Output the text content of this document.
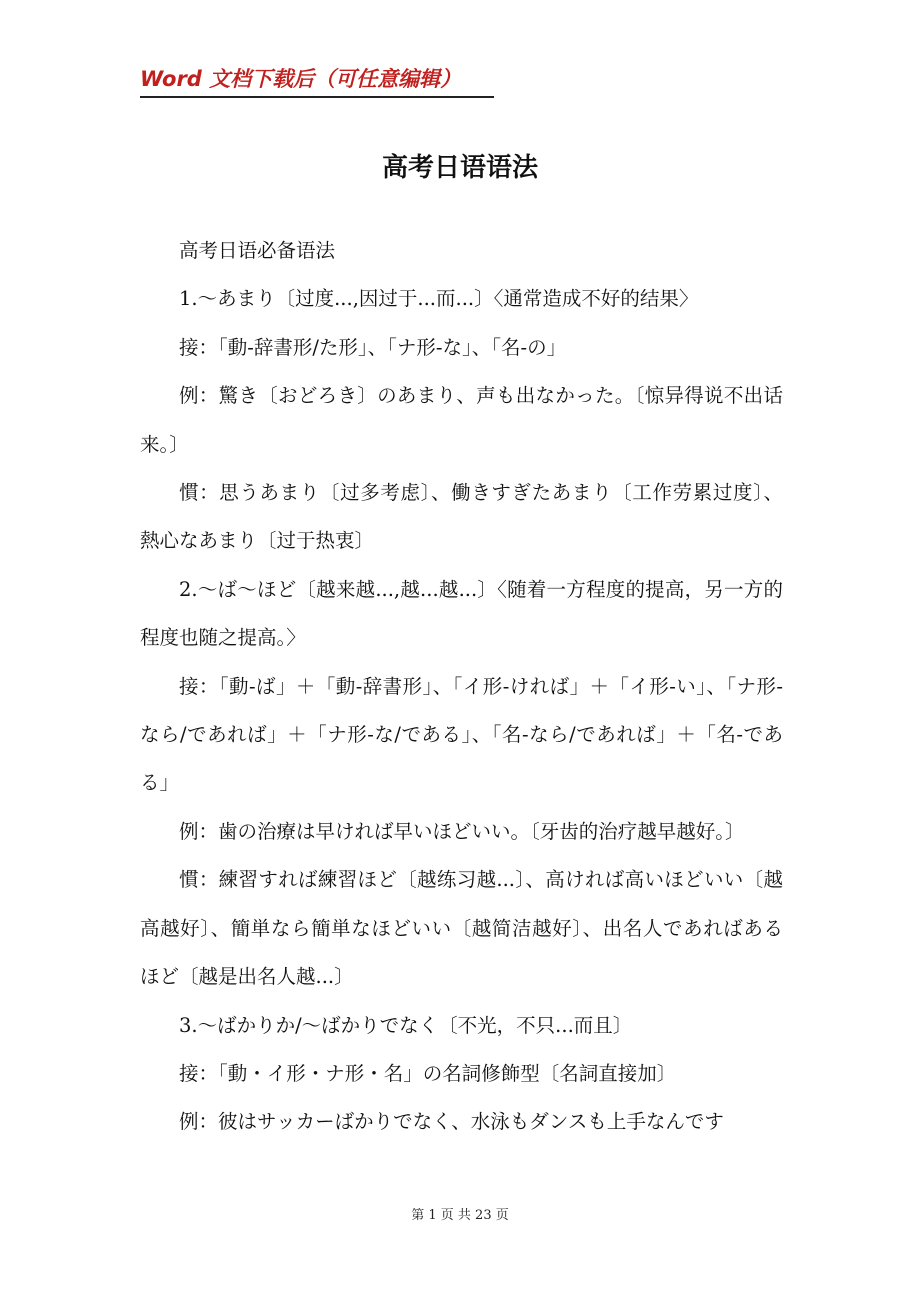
Word 文档下载后（可任意编辑）
高考日语语法

高考日语必备语法

1.～あまり〔过度...,因过于...而...〕〈通常造成不好的结果〉

接：「動-辞書形/た形」、「ナ形-な」、「名-の」

例：驚き〔おどろき〕のあまり、声も出なかった。〔惊异得说不出话来。〕

慣：思うあまり〔过多考虑〕、働きすぎたあまり〔工作劳累过度〕、熱心なあまり〔过于热衷〕

2.～ば～ほど〔越来越...,越...越...〕〈随着一方程度的提高，另一方的程度也随之提高。〉

接：「動-ば」＋「動-辞書形」、「イ形-ければ」＋「イ形-い」、「ナ形-なら/であれば」＋「ナ形-な/である」、「名-なら/であれば」＋「名-である」

例：歯の治療は早ければ早いほどいい。〔牙齿的治疗越早越好。〕

慣：練習すれば練習ほど〔越练习越...〕、高ければ高いほどいい〔越高越好〕、簡単なら簡単なほどいい〔越简洁越好〕、出名人であればあるほど〔越是出名人越...〕

3.～ばかりか/～ばかりでなく〔不光，不只...而且〕

接：「動・イ形・ナ形・名」の名詞修飾型〔名詞直接加〕

例：彼はサッカーばかりでなく、水泳もダンスも上手なんです

第 1 页 共 23 页
